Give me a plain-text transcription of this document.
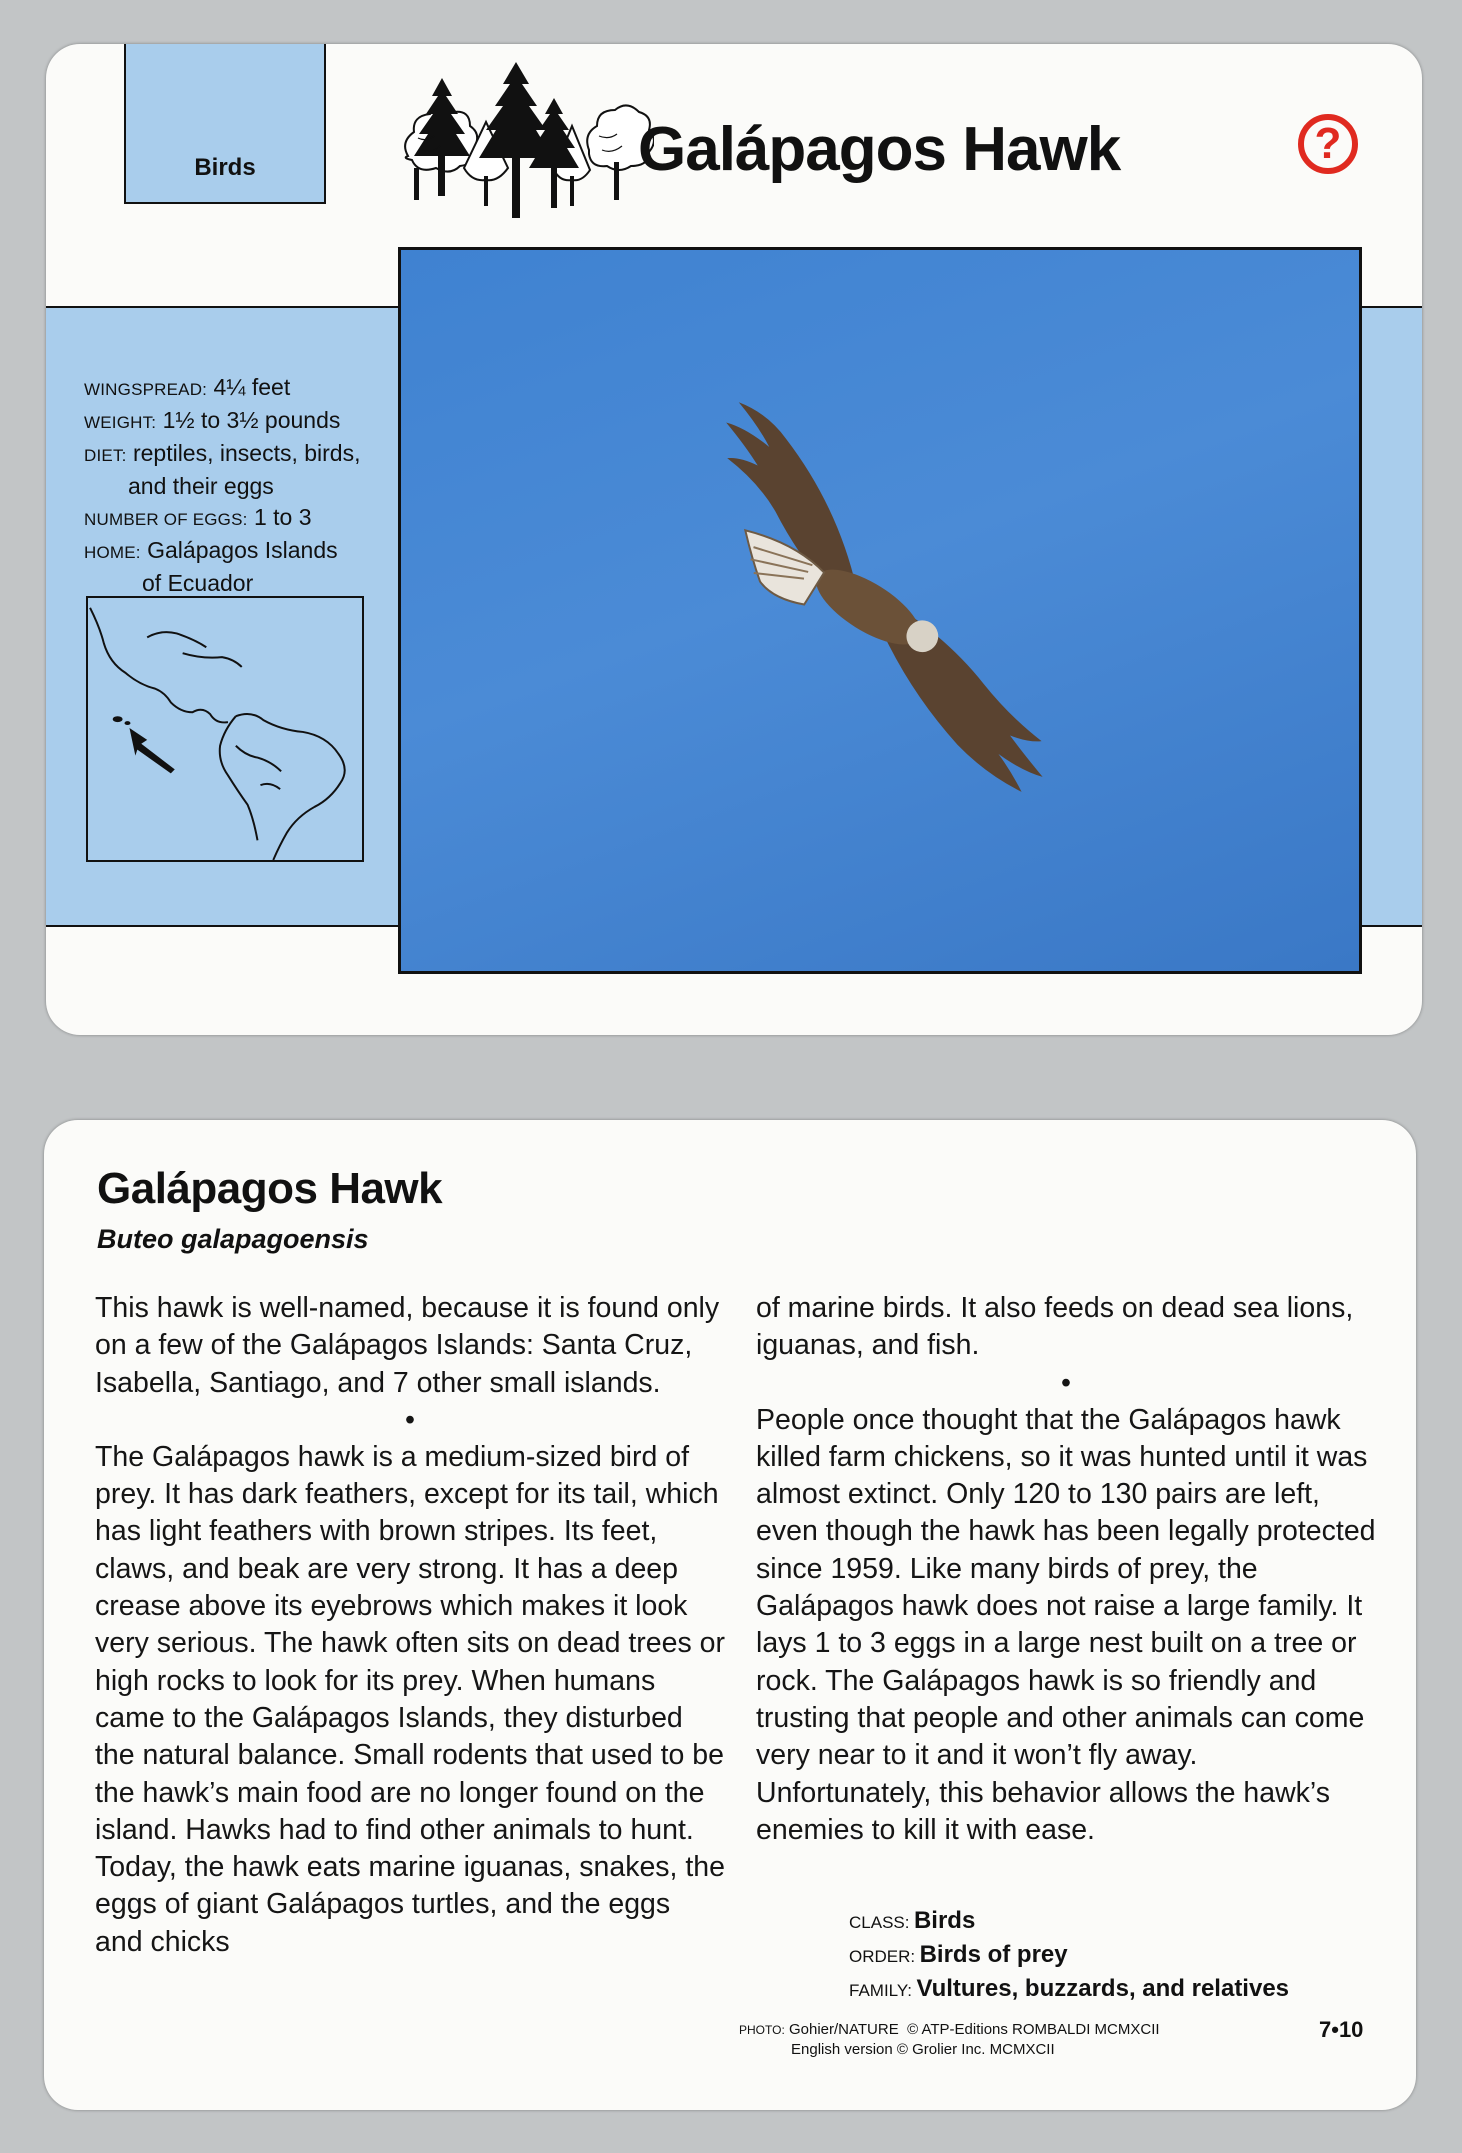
Birds	Galápagos Hawk	?
WINGSPREAD: 4¼ feet
WEIGHT: 1½ to 3½ pounds
DIET: reptiles, insects, birds,
and their eggs
NUMBER OF EGGS: 1 to 3
HOME: Galápagos Islands
of Ecuador
Galápagos Hawk
Buteo galapagoensis

This hawk is well-named, because it is found only on a few of the Galápagos Islands: Santa Cruz, Isabella, Santiago, and 7 other small islands.

•

The Galápagos hawk is a medium-sized bird of prey. It has dark feathers, except for its tail, which has light feathers with brown stripes. Its feet, claws, and beak are very strong. It has a deep crease above its eyebrows which makes it look very serious. The hawk often sits on dead trees or high rocks to look for its prey. When humans came to the Galápagos Islands, they disturbed the natural balance. Small rodents that used to be the hawk’s main food are no longer found on the island. Hawks had to find other animals to hunt. Today, the hawk eats marine iguanas, snakes, the eggs of giant Galápagos turtles, and the eggs and chicks

of marine birds. It also feeds on dead sea lions, iguanas, and fish.

•

People once thought that the Galápagos hawk killed farm chickens, so it was hunted until it was almost extinct. Only 120 to 130 pairs are left, even though the hawk has been legally protected since 1959. Like many birds of prey, the Galápagos hawk does not raise a large family. It lays 1 to 3 eggs in a large nest built on a tree or rock. The Galápagos hawk is so friendly and trusting that people and other animals can come very near to it and it won’t fly away. Unfortunately, this behavior allows the hawk’s enemies to kill it with ease.

CLASS: Birds
ORDER: Birds of prey
FAMILY: Vultures, buzzards, and relatives
PHOTO: Gohier/NATURE © ATP-Editions ROMBALDI MCMXCII
English version © Grolier Inc. MCMXCII
7•10
